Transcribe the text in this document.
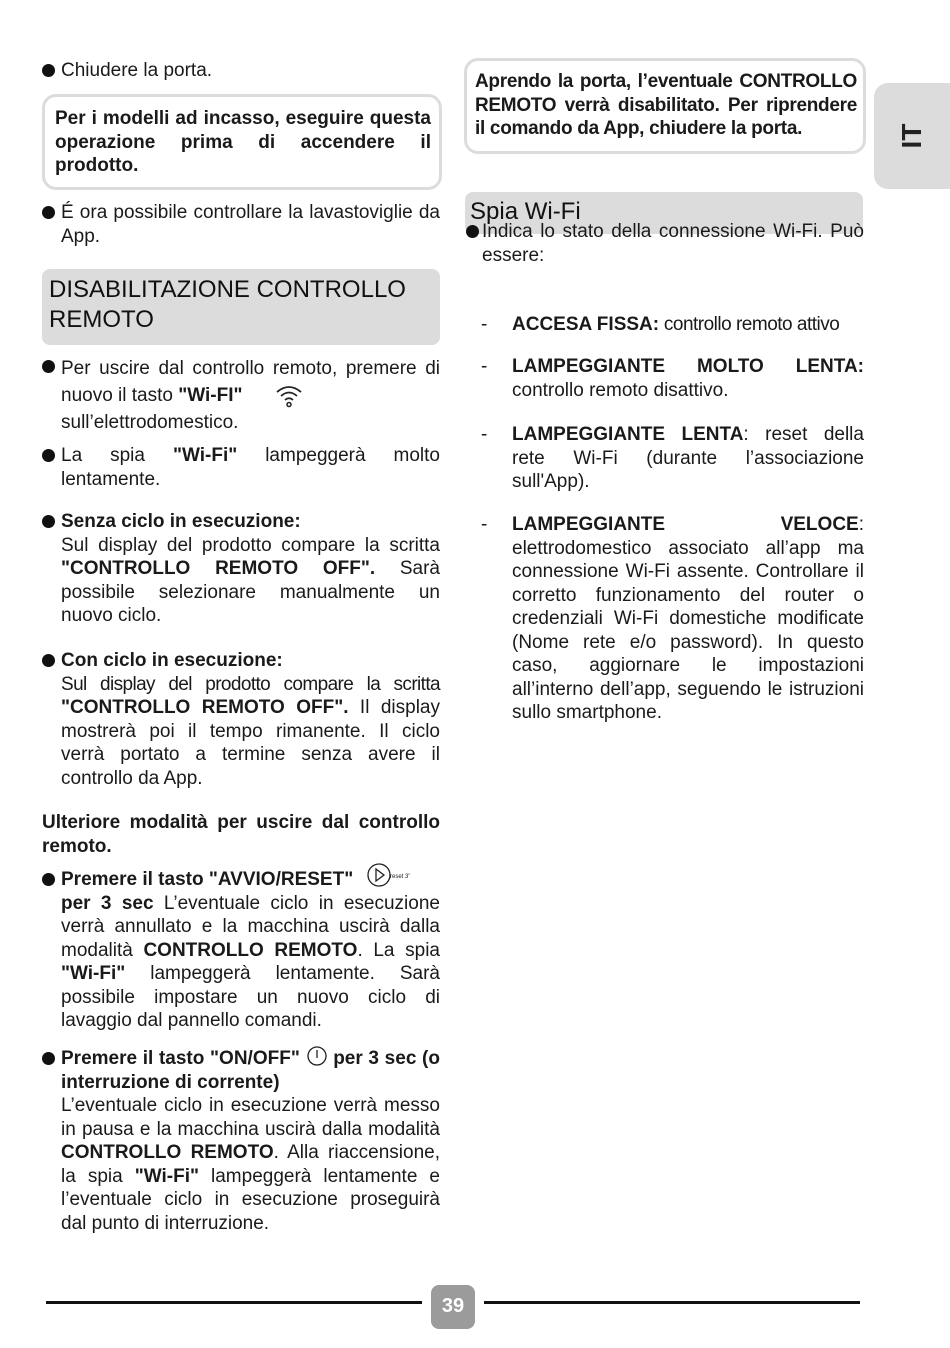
IT
Chiudere la porta.
Per i modelli ad incasso, eseguire questa operazione prima di accendere il prodotto.
É ora possibile controllare la lavastoviglie da App.
DISABILITAZIONE CONTROLLO REMOTO
Per uscire dal controllo remoto, premere di nuovo il tasto "Wi-FI"
sull’elettrodomestico.
La spia "Wi-Fi" lampeggerà molto lentamente.
Senza ciclo in esecuzione:
Sul display del prodotto compare la scritta "CONTROLLO REMOTO OFF". Sarà possibile selezionare manualmente un nuovo ciclo.
Con ciclo in esecuzione:
Sul display del prodotto compare la scritta "CONTROLLO REMOTO OFF". Il display mostrerà poi il tempo rimanente. Il ciclo verrà portato a termine senza avere il controllo da App.
Ulteriore modalità per uscire dal controllo remoto.
Premere il tasto "AVVIO/RESET"	reset 3"

per 3 sec L’eventuale ciclo in esecuzione verrà annullato e la macchina uscirà dalla modalità CONTROLLO REMOTO. La spia "Wi-Fi" lampeggerà lentamente. Sarà possibile impostare un nuovo ciclo di lavaggio dal pannello comandi.
Premere il tasto "ON/OFF"  per 3 sec (o interruzione di corrente)
L’eventuale ciclo in esecuzione verrà messo in pausa e la macchina uscirà dalla modalità CONTROLLO REMOTO. Alla riaccensione, la spia "Wi-Fi" lampeggerà lentamente e l’eventuale ciclo in esecuzione proseguirà dal punto di interruzione.
Aprendo la porta, l’eventuale CONTROLLO REMOTO verrà disabilitato. Per riprendere il comando da App, chiudere la porta.
Spia Wi-Fi
Indica lo stato della connessione Wi-Fi. Può essere:
- ACCESA FISSA: controllo remoto attivo
- LAMPEGGIANTE MOLTO LENTA: controllo remoto disattivo.
- LAMPEGGIANTE LENTA: reset della rete Wi-Fi (durante l’associazione sull'App).
- LAMPEGGIANTE VELOCE: elettrodomestico associato all’app ma connessione Wi-Fi assente. Controllare il corretto funzionamento del router o credenziali Wi-Fi domestiche modificate (Nome rete e/o password). In questo caso, aggiornare le impostazioni all’interno dell’app, seguendo le istruzioni sullo smartphone.
39
